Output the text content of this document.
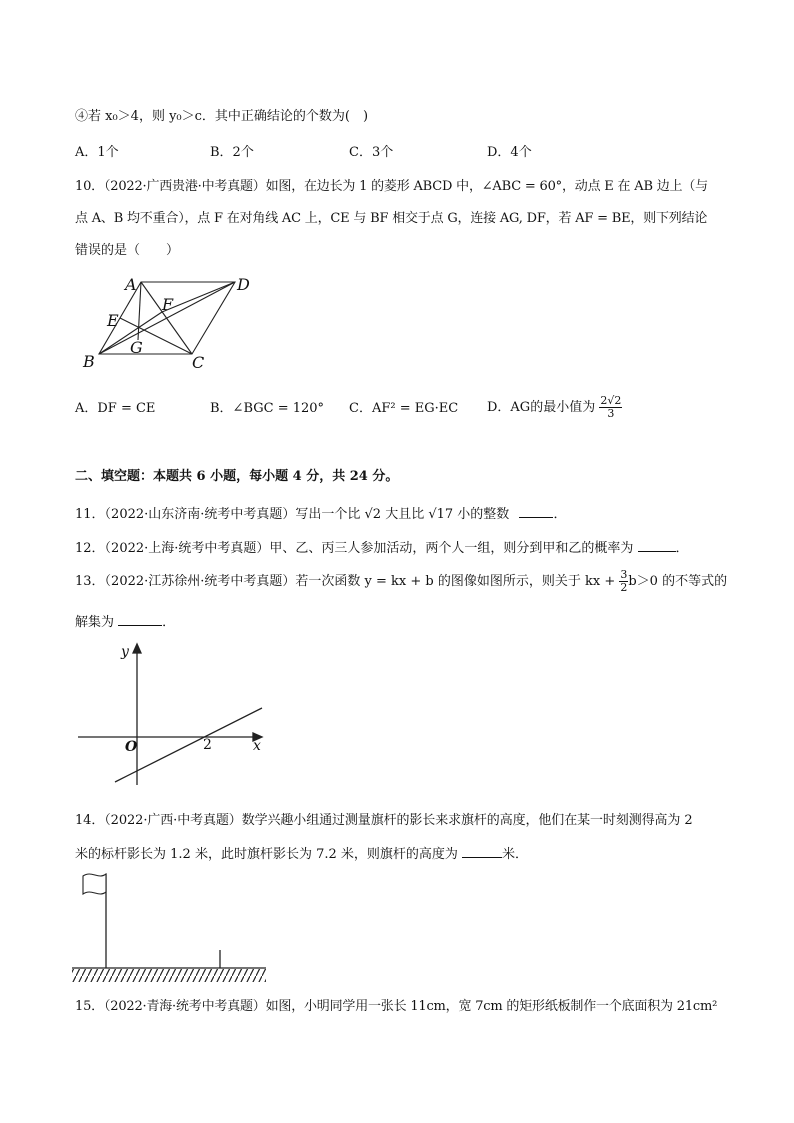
④若 x₀＞4，则 y₀＞c．其中正确结论的个数为(　)
A．1个	B．2个	C．3个	D．4个
10．（2022·广西贵港·中考真题）如图，在边长为 1 的菱形 ABCD 中，∠ABC = 60°，动点 E 在 AB 边上（与
点 A、B 均不重合），点 F 在对角线 AC 上，CE 与 BF 相交于点 G，连接 AG, DF，若 AF = BE，则下列结论
错误的是（　　）
A	D
B	C
E
F
G
A．DF = CE	B．∠BGC = 120° C．AF² = EG·EC D．AG的最小值为 $\frac{2√2}{3}$
二、填空题：本题共 6 小题，每小题 4 分，共 24 分。
11．（2022·山东济南·统考中考真题）写出一个比 √2 大且比 √17 小的整数	．
12．（2022·上海·统考中考真题）甲、乙、丙三人参加活动，两个人一组，则分到甲和乙的概率为	．
13．（2022·江苏徐州·统考中考真题）若一次函数 y = kx + b 的图像如图所示，则关于 kx + $\frac{3}{2} b>0$ 的不等式的
解集为	．
y
x
O	2
14．（2022·广西·中考真题）数学兴趣小组通过测量旗杆的影长来求旗杆的高度，他们在某一时刻测得高为 2
米的标杆影长为 1.2 米，此时旗杆影长为 7.2 米，则旗杆的高度为	米．
15．（2022·青海·统考中考真题）如图，小明同学用一张长 11cm，宽 7cm 的矩形纸板制作一个底面积为 21cm²
